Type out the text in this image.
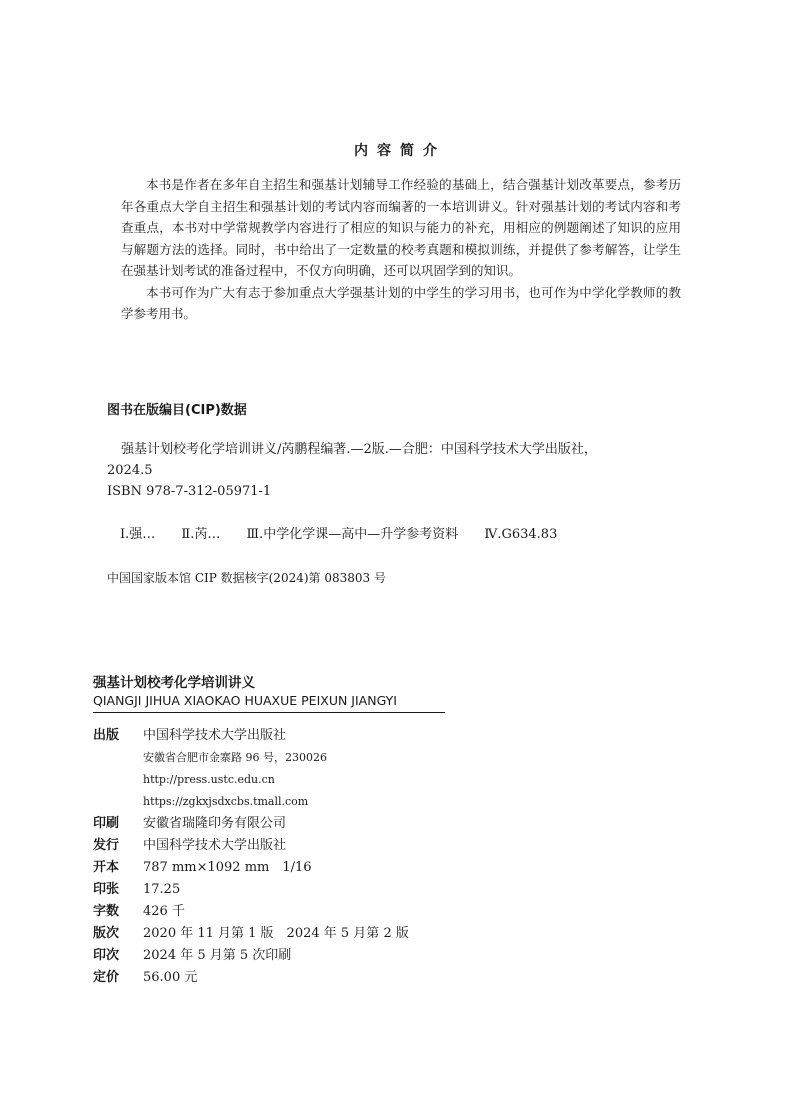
内容简介

本书是作者在多年自主招生和强基计划辅导工作经验的基础上，结合强基计划改革要点，参考历年各重点大学自主招生和强基计划的考试内容而编著的一本培训讲义。针对强基计划的考试内容和考查重点，本书对中学常规教学内容进行了相应的知识与能力的补充，用相应的例题阐述了知识的应用与解题方法的选择。同时，书中给出了一定数量的校考真题和模拟训练，并提供了参考解答，让学生在强基计划考试的准备过程中，不仅方向明确，还可以巩固学到的知识。

本书可作为广大有志于参加重点大学强基计划的中学生的学习用书，也可作为中学化学教师的教学参考用书。

图书在版编目(CIP)数据
强基计划校考化学培训讲义/芮鹏程编著.—2版.—合肥：中国科学技术大学出版社，
2024.5
ISBN 978-7-312-05971-1
Ⅰ.强… Ⅱ.芮… Ⅲ.中学化学课—高中—升学参考资料 Ⅳ.G634.83
中国国家版本馆 CIP 数据核字(2024)第 083803 号
强基计划校考化学培训讲义
QIANGJI JIHUA XIAOKAO HUAXUE PEIXUN JIANGYI
出版	中国科学技术大学出版社
安徽省合肥市金寨路 96 号，230026
http://press.ustc.edu.cn
https://zgkxjsdxcbs.tmall.com
印刷	安徽省瑞隆印务有限公司
发行	中国科学技术大学出版社
开本	787 mm×1092 mm　1/16
印张	17.25
字数	426 千
版次	2020 年 11 月第 1 版　2024 年 5 月第 2 版
印次	2024 年 5 月第 5 次印刷
定价	56.00 元
